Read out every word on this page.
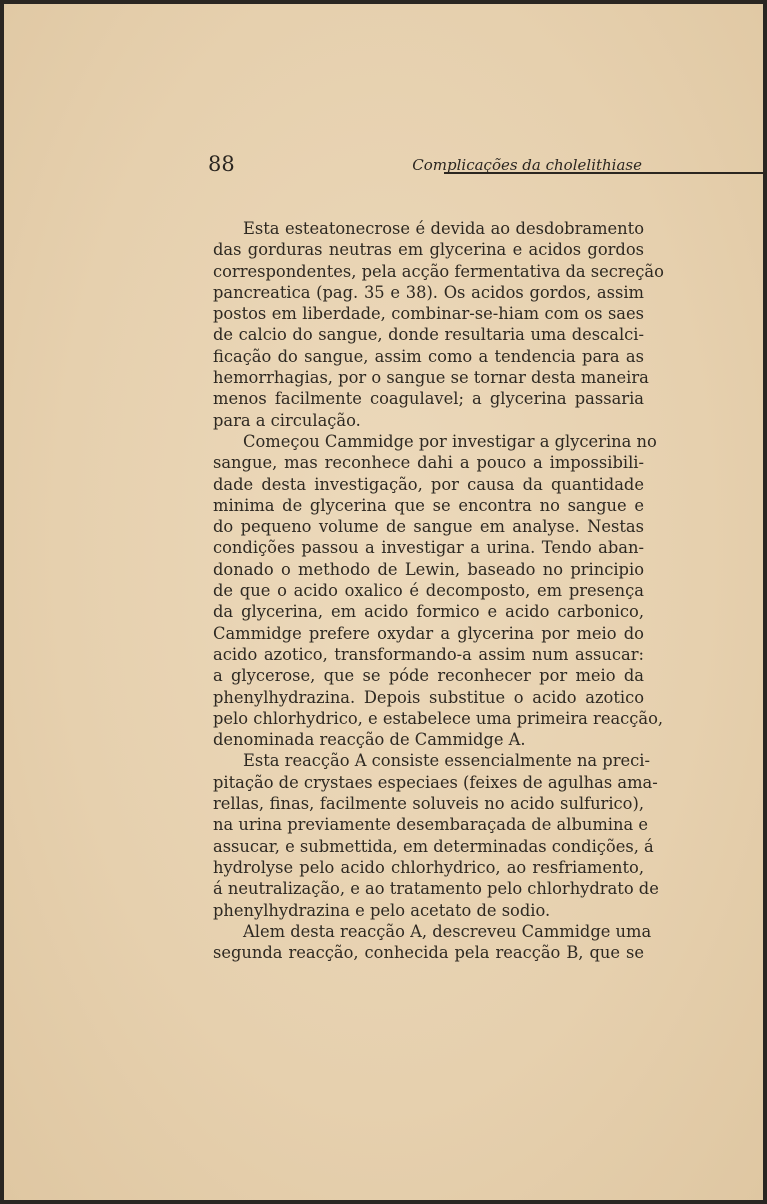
88	Complicações da cholelithiase
Esta esteatonecrose é devida ao desdobramento
das gorduras neutras em glycerina e acidos gordos
correspondentes, pela acção fermentativa da secreção
pancreatica (pag. 35 e 38). Os acidos gordos, assim
postos em liberdade, combinar-se-hiam com os saes
de calcio do sangue, donde resultaria uma descalci-
ficação do sangue, assim como a tendencia para as
hemorrhagias, por o sangue se tornar desta maneira
menos facilmente coagulavel; a glycerina passaria
para a circulação.
Começou Cammidge por investigar a glycerina no
sangue, mas reconhece dahi a pouco a impossibili-
dade desta investigação, por causa da quantidade
minima de glycerina que se encontra no sangue e
do pequeno volume de sangue em analyse. Nestas
condições passou a investigar a urina. Tendo aban-
donado o methodo de Lewin, baseado no principio
de que o acido oxalico é decomposto, em presença
da glycerina, em acido formico e acido carbonico,
Cammidge prefere oxydar a glycerina por meio do
acido azotico, transformando-a assim num assucar:
a glycerose, que se póde reconhecer por meio da
phenylhydrazina. Depois substitue o acido azotico
pelo chlorhydrico, e estabelece uma primeira reacção,
denominada reacção de Cammidge A.
Esta reacção A consiste essencialmente na preci-
pitação de crystaes especiaes (feixes de agulhas ama-
rellas, finas, facilmente soluveis no acido sulfurico),
na urina previamente desembaraçada de albumina e
assucar, e submettida, em determinadas condições, á
hydrolyse pelo acido chlorhydrico, ao resfriamento,
á neutralização, e ao tratamento pelo chlorhydrato de
phenylhydrazina e pelo acetato de sodio.
Alem desta reacção A, descreveu Cammidge uma
segunda reacção, conhecida pela reacção B, que se
